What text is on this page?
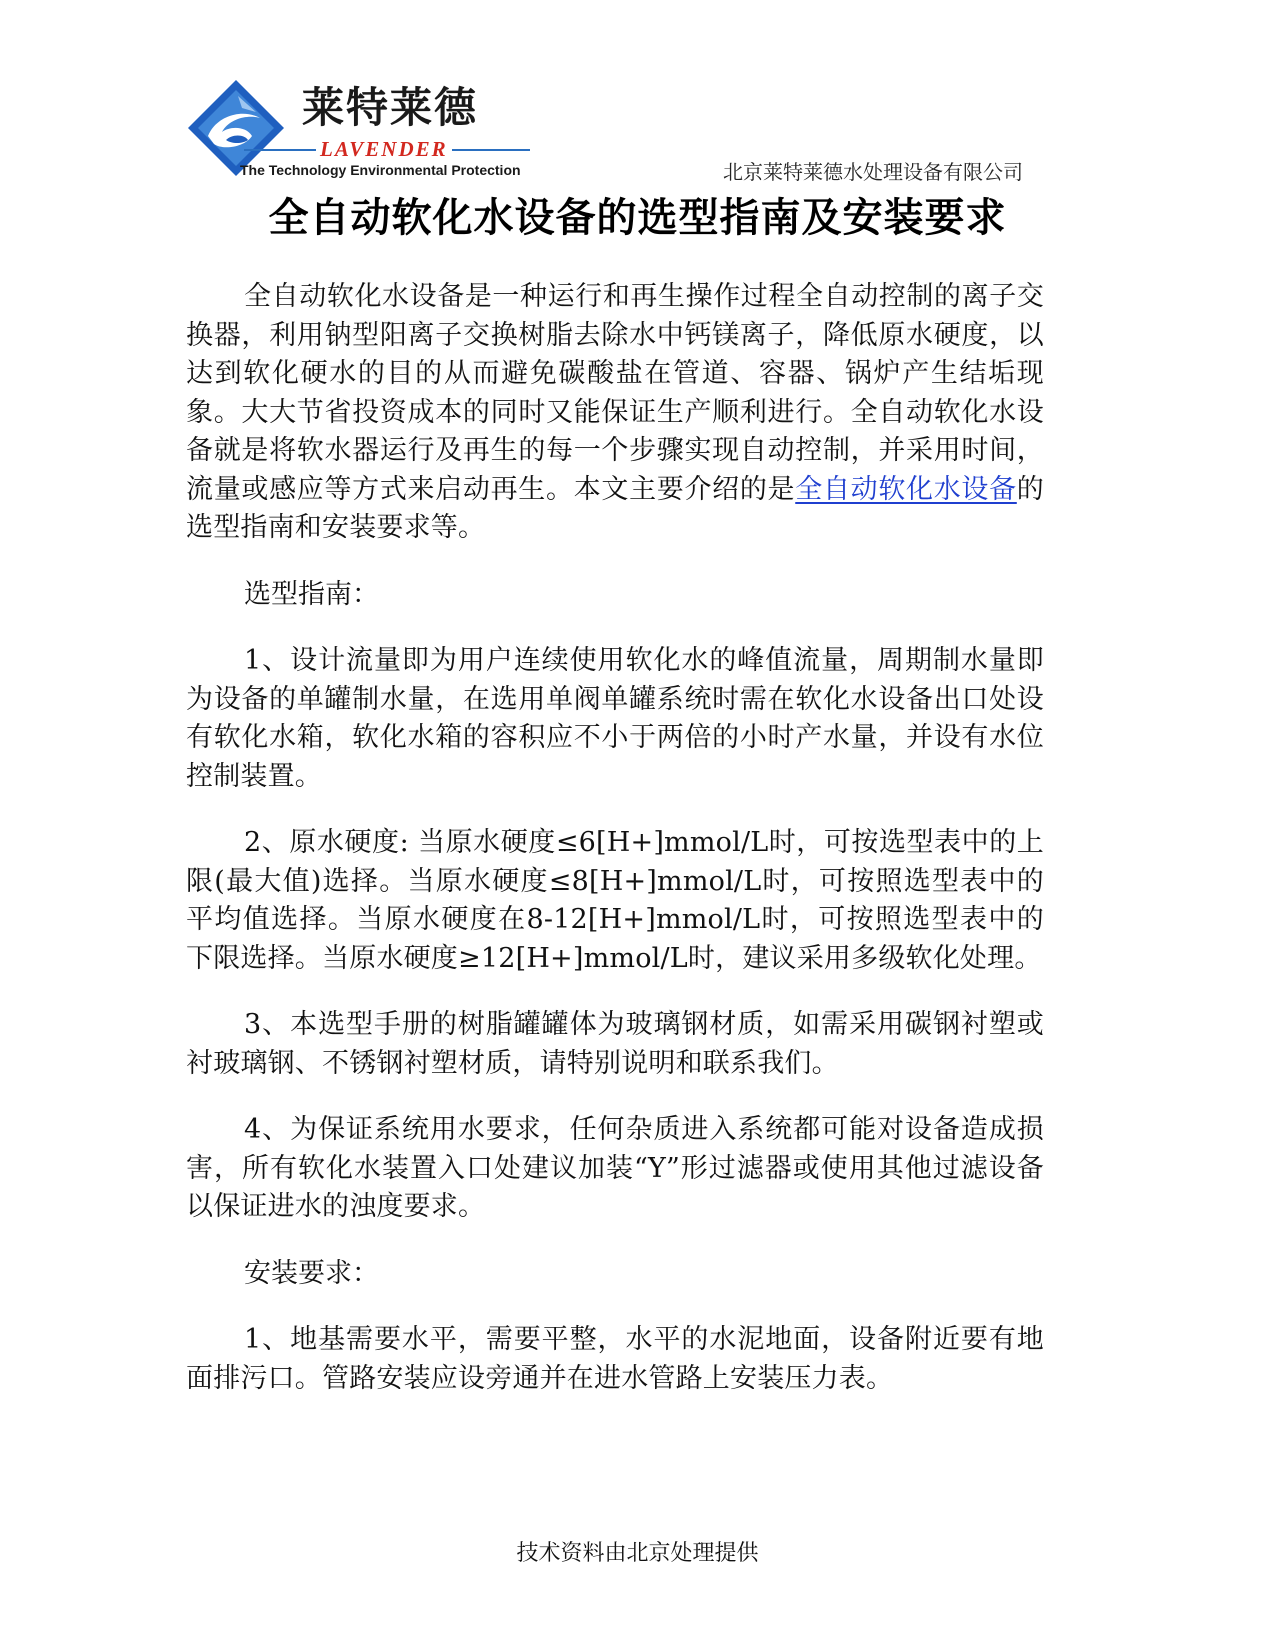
莱特莱德
LAVENDER
The Technology Environmental Protection	北京莱特莱德水处理设备有限公司
全自动软化水设备的选型指南及安装要求

全自动软化水设备是一种运行和再生操作过程全自动控制的离子交换器，利用钠型阳离子交换树脂去除水中钙镁离子，降低原水硬度，以达到软化硬水的目的从而避免碳酸盐在管道、容器、锅炉产生结垢现象。大大节省投资成本的同时又能保证生产顺利进行。全自动软化水设备就是将软水器运行及再生的每一个步骤实现自动控制，并采用时间，流量或感应等方式来启动再生。本文主要介绍的是全自动软化水设备的选型指南和安装要求等。

选型指南：

1、设计流量即为用户连续使用软化水的峰值流量，周期制水量即为设备的单罐制水量，在选用单阀单罐系统时需在软化水设备出口处设有软化水箱，软化水箱的容积应不小于两倍的小时产水量，并设有水位控制装置。

2、原水硬度: 当原水硬度≤6[H+]mmol/L时，可按选型表中的上限(最大值)选择。当原水硬度≤8[H+]mmol/L时，可按照选型表中的平均值选择。当原水硬度在8-12[H+]mmol/L时，可按照选型表中的下限选择。当原水硬度≥12[H+]mmol/L时，建议采用多级软化处理。

3、本选型手册的树脂罐罐体为玻璃钢材质，如需采用碳钢衬塑或衬玻璃钢、不锈钢衬塑材质，请特别说明和联系我们。

4、为保证系统用水要求，任何杂质进入系统都可能对设备造成损害，所有软化水装置入口处建议加装“Y”形过滤器或使用其他过滤设备以保证进水的浊度要求。

安装要求：

1、地基需要水平，需要平整，水平的水泥地面，设备附近要有地面排污口。管路安装应设旁通并在进水管路上安装压力表。

技术资料由北京处理提供
